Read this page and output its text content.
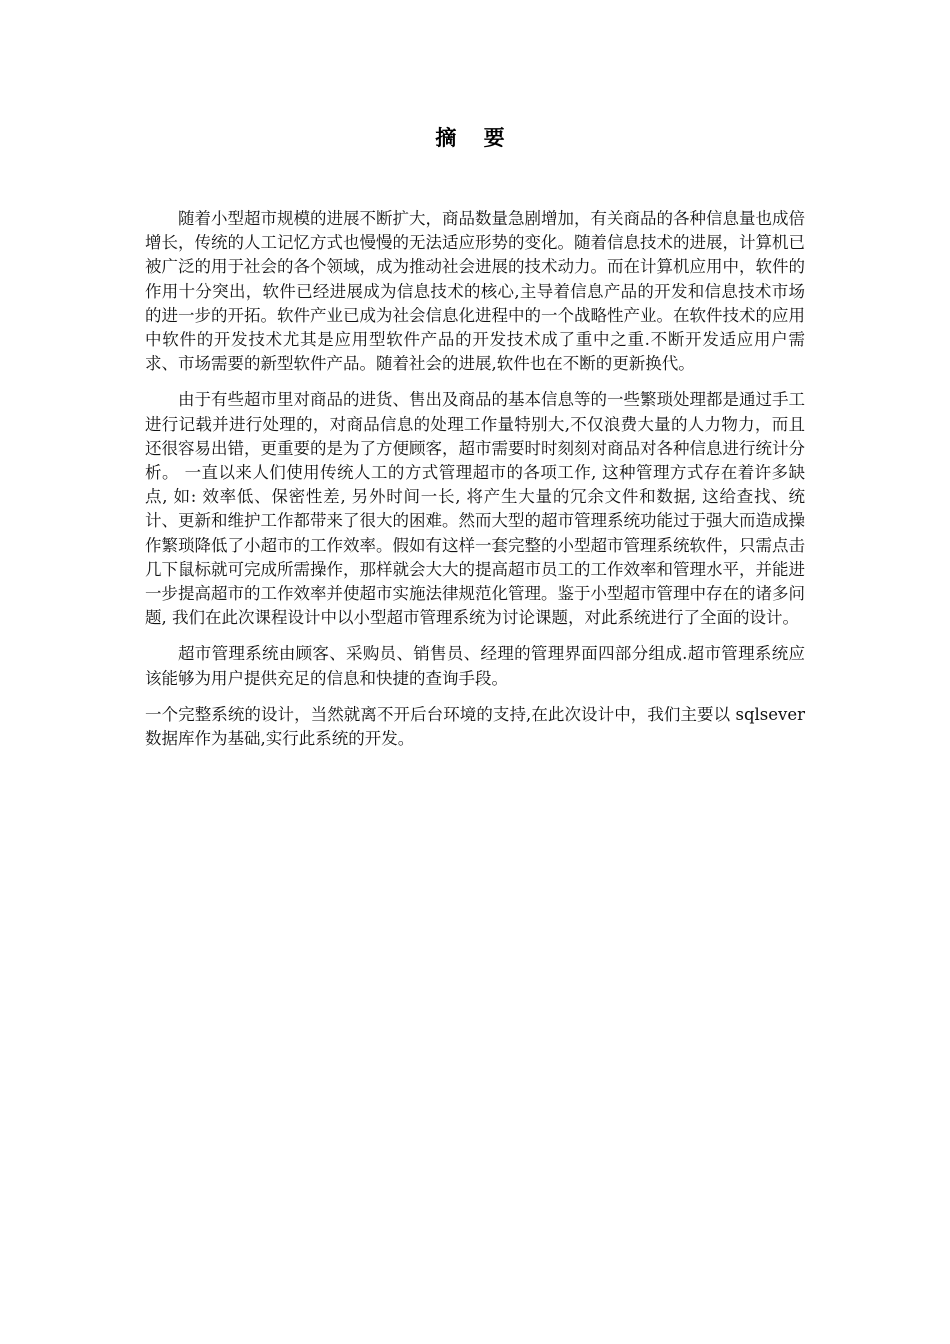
摘 要

随着小型超市规模的进展不断扩大，商品数量急剧增加，有关商品的各种信息量也成倍增长，传统的人工记忆方式也慢慢的无法适应形势的变化。随着信息技术的进展，计算机已被广泛的用于社会的各个领域，成为推动社会进展的技术动力。而在计算机应用中，软件的作用十分突出，软件已经进展成为信息技术的核心,主导着信息产品的开发和信息技术市场的进一步的开拓。软件产业已成为社会信息化进程中的一个战略性产业。在软件技术的应用中软件的开发技术尤其是应用型软件产品的开发技术成了重中之重.不断开发适应用户需求、市场需要的新型软件产品。随着社会的进展,软件也在不断的更新换代。

由于有些超市里对商品的进货、售出及商品的基本信息等的一些繁琐处理都是通过手工进行记载并进行处理的，对商品信息的处理工作量特别大,不仅浪费大量的人力物力，而且还很容易出错，更重要的是为了方便顾客，超市需要时时刻刻对商品对各种信息进行统计分析。 一直以来人们使用传统人工的方式管理超市的各项工作, 这种管理方式存在着许多缺点, 如: 效率低、保密性差, 另外时间一长, 将产生大量的冗余文件和数据, 这给查找、统计、更新和维护工作都带来了很大的困难。然而大型的超市管理系统功能过于强大而造成操作繁琐降低了小超市的工作效率。假如有这样一套完整的小型超市管理系统软件，只需点击几下鼠标就可完成所需操作，那样就会大大的提高超市员工的工作效率和管理水平，并能进一步提高超市的工作效率并使超市实施法律规范化管理。鉴于小型超市管理中存在的诸多问题, 我们在此次课程设计中以小型超市管理系统为讨论课题，对此系统进行了全面的设计。

超市管理系统由顾客、采购员、销售员、经理的管理界面四部分组成.超市管理系统应该能够为用户提供充足的信息和快捷的查询手段。

一个完整系统的设计，当然就离不开后台环境的支持,在此次设计中，我们主要以 sqlsever 数据库作为基础,实行此系统的开发。
